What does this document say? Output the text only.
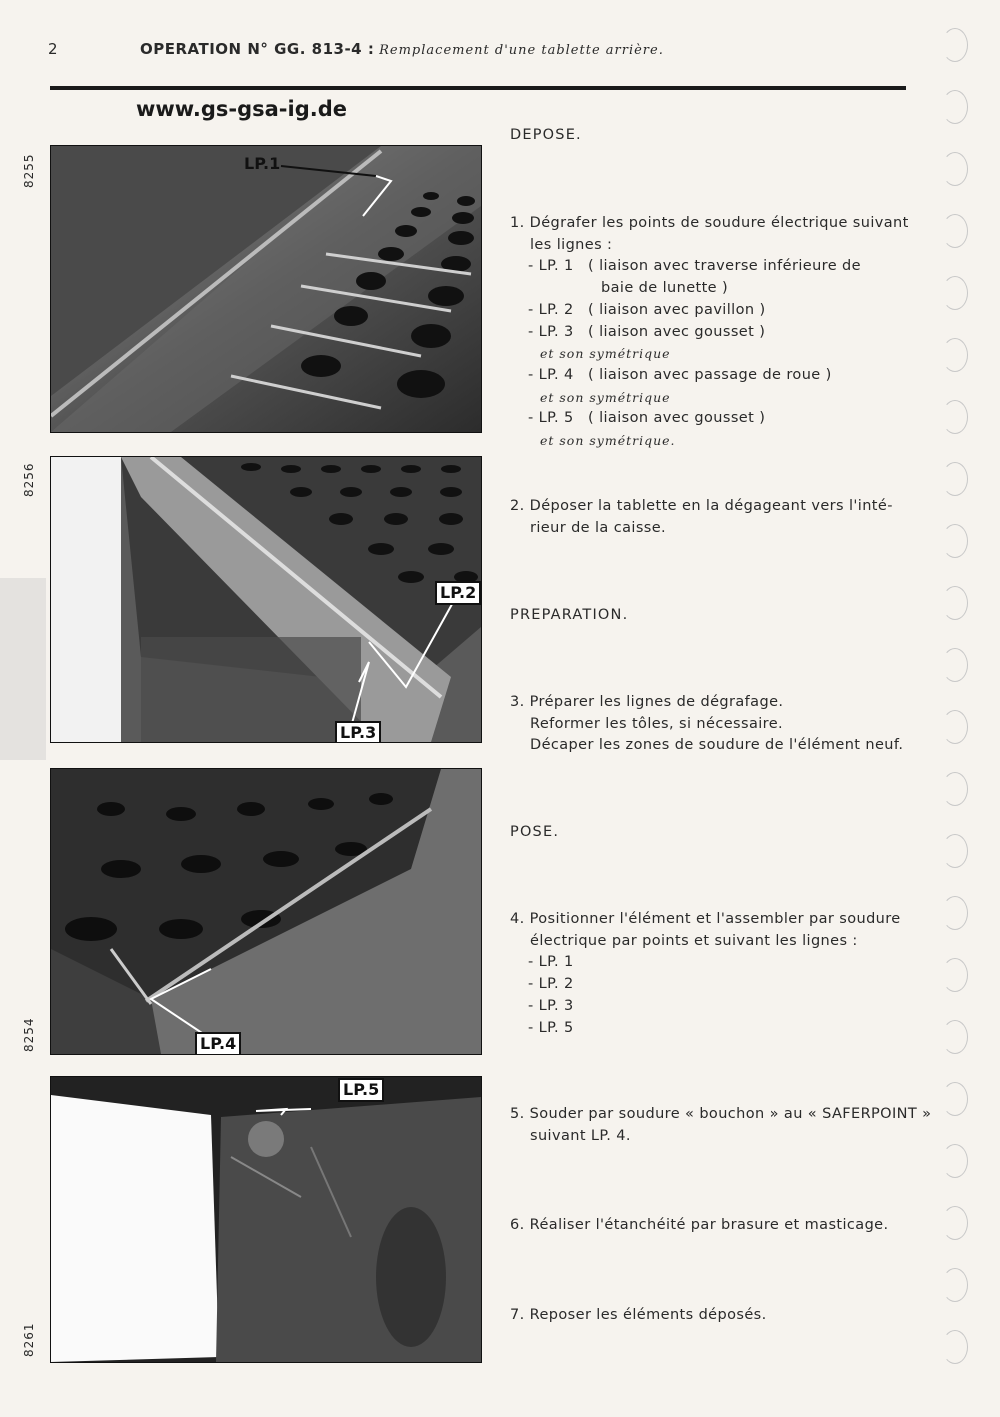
2	OPERATION N° GG. 813-4 : Remplacement d'une tablette arrière.
www.gs-gsa-ig.de
8255	LP.1
8256
LP.2
LP.3
8254	LP.4
8261
LP.5
DEPOSE.
1. Dégrafer les points de soudure électrique suivant
les lignes :
- LP. 1 ( liaison avec traverse inférieure de
baie de lunette )
- LP. 2 ( liaison avec pavillon )
- LP. 3 ( liaison avec gousset )
et son symétrique
- LP. 4 ( liaison avec passage de roue )
et son symétrique
- LP. 5 ( liaison avec gousset )
et son symétrique.
2. Déposer la tablette en la dégageant vers l'inté-
rieur de la caisse.
PREPARATION.
3. Préparer les lignes de dégrafage.
Reformer les tôles, si nécessaire.
Décaper les zones de soudure de l'élément neuf.
POSE.
4. Positionner l'élément et l'assembler par soudure
électrique par points et suivant les lignes :
- LP. 1
- LP. 2
- LP. 3
- LP. 5
5. Souder par soudure « bouchon » au « SAFERPOINT »
suivant LP. 4.
6. Réaliser l'étanchéité par brasure et masticage.
7. Reposer les éléments déposés.
